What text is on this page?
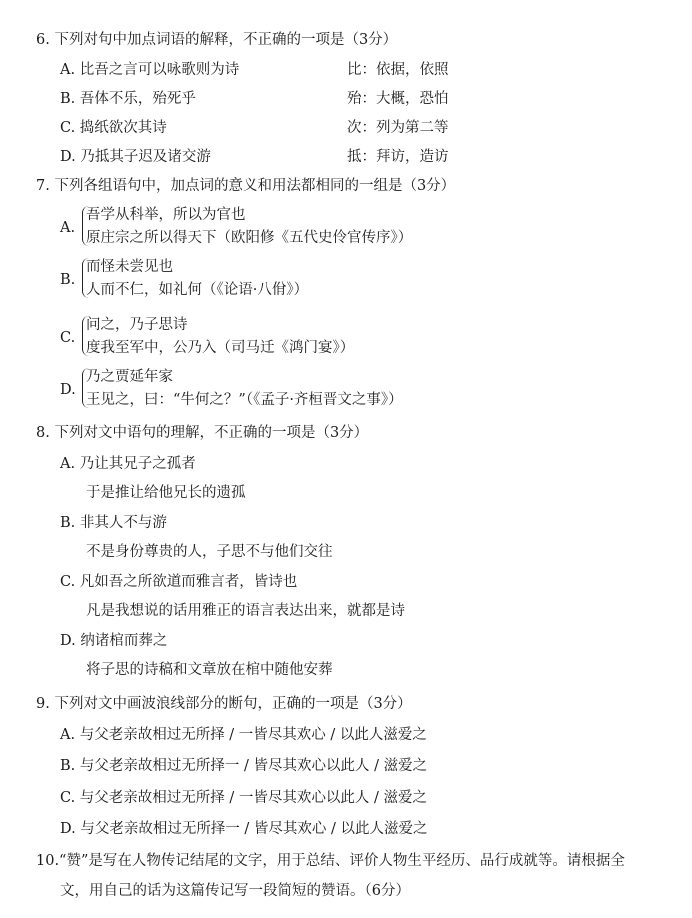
6. 下列对句中加点词语的解释，不正确的一项是（3分）
A. 比吾之言可以咏歌则为诗	比：依据，依照
B. 吾体不乐，殆死乎	殆：大概，恐怕
C. 捣纸欲次其诗	次：列为第二等
D. 乃抵其子迟及诸交游	抵：拜访，造访
7. 下列各组语句中，加点词的意义和用法都相同的一组是（3分）
A.
吾学从科举，所以为官也
原庄宗之所以得天下（欧阳修《五代史伶官传序》）
B.
而怪未尝见也
人而不仁，如礼何（《论语·八佾》）
C.
问之，乃子思诗
度我至军中，公乃入（司马迁《鸿门宴》）
D.
乃之贾延年家
王见之，曰：“牛何之？”（《孟子·齐桓晋文之事》）
8. 下列对文中语句的理解，不正确的一项是（3分）
A. 乃让其兄子之孤者
于是推让给他兄长的遗孤
B. 非其人不与游
不是身份尊贵的人，子思不与他们交往
C. 凡如吾之所欲道而雅言者，皆诗也
凡是我想说的话用雅正的语言表达出来，就都是诗
D. 纳诸棺而葬之
将子思的诗稿和文章放在棺中随他安葬
9. 下列对文中画波浪线部分的断句，正确的一项是（3分）
A. 与父老亲故相过无所择 / 一皆尽其欢心 / 以此人滋爱之
B. 与父老亲故相过无所择一 / 皆尽其欢心以此人 / 滋爱之
C. 与父老亲故相过无所择 / 一皆尽其欢心以此人 / 滋爱之
D. 与父老亲故相过无所择一 / 皆尽其欢心 / 以此人滋爱之
10.“赞”是写在人物传记结尾的文字，用于总结、评价人物生平经历、品行成就等。请根据全
文，用自己的话为这篇传记写一段简短的赞语。（6分）
